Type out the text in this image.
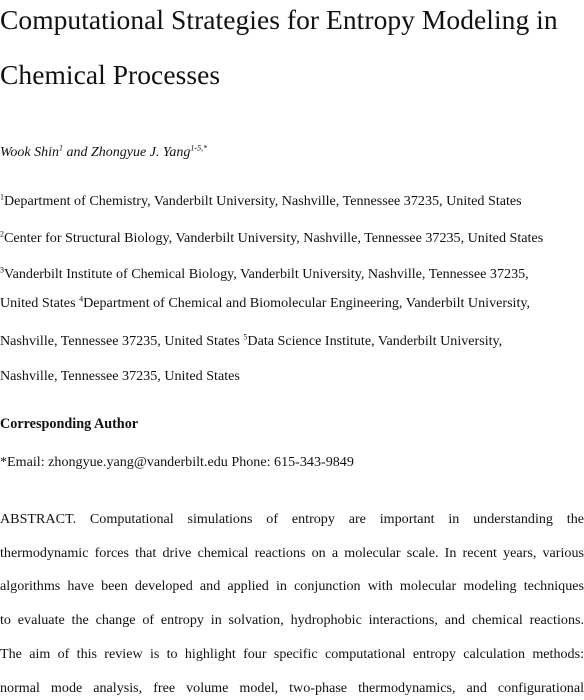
Computational Strategies for Entropy Modeling in
Chemical Processes
Wook Shin$^1$ and Zhongyue J. Yang$^{1-5,*}$
$^1$Department of Chemistry, Vanderbilt University, Nashville, Tennessee 37235, United States
$^2$Center for Structural Biology, Vanderbilt University, Nashville, Tennessee 37235, United States
$^3$Vanderbilt Institute of Chemical Biology, Vanderbilt University, Nashville, Tennessee 37235,
United States $^4$Department of Chemical and Biomolecular Engineering, Vanderbilt University,
Nashville, Tennessee 37235, United States $^5$Data Science Institute, Vanderbilt University,
Nashville, Tennessee 37235, United States
Corresponding Author
*Email: zhongyue.yang@vanderbilt.edu Phone: 615-343-9849
ABSTRACT. Computational simulations of entropy are important in understanding the
thermodynamic forces that drive chemical reactions on a molecular scale. In recent years, various
algorithms have been developed and applied in conjunction with molecular modeling techniques
to evaluate the change of entropy in solvation, hydrophobic interactions, and chemical reactions.
The aim of this review is to highlight four specific computational entropy calculation methods:
normal mode analysis, free volume model, two-phase thermodynamics, and configurational
